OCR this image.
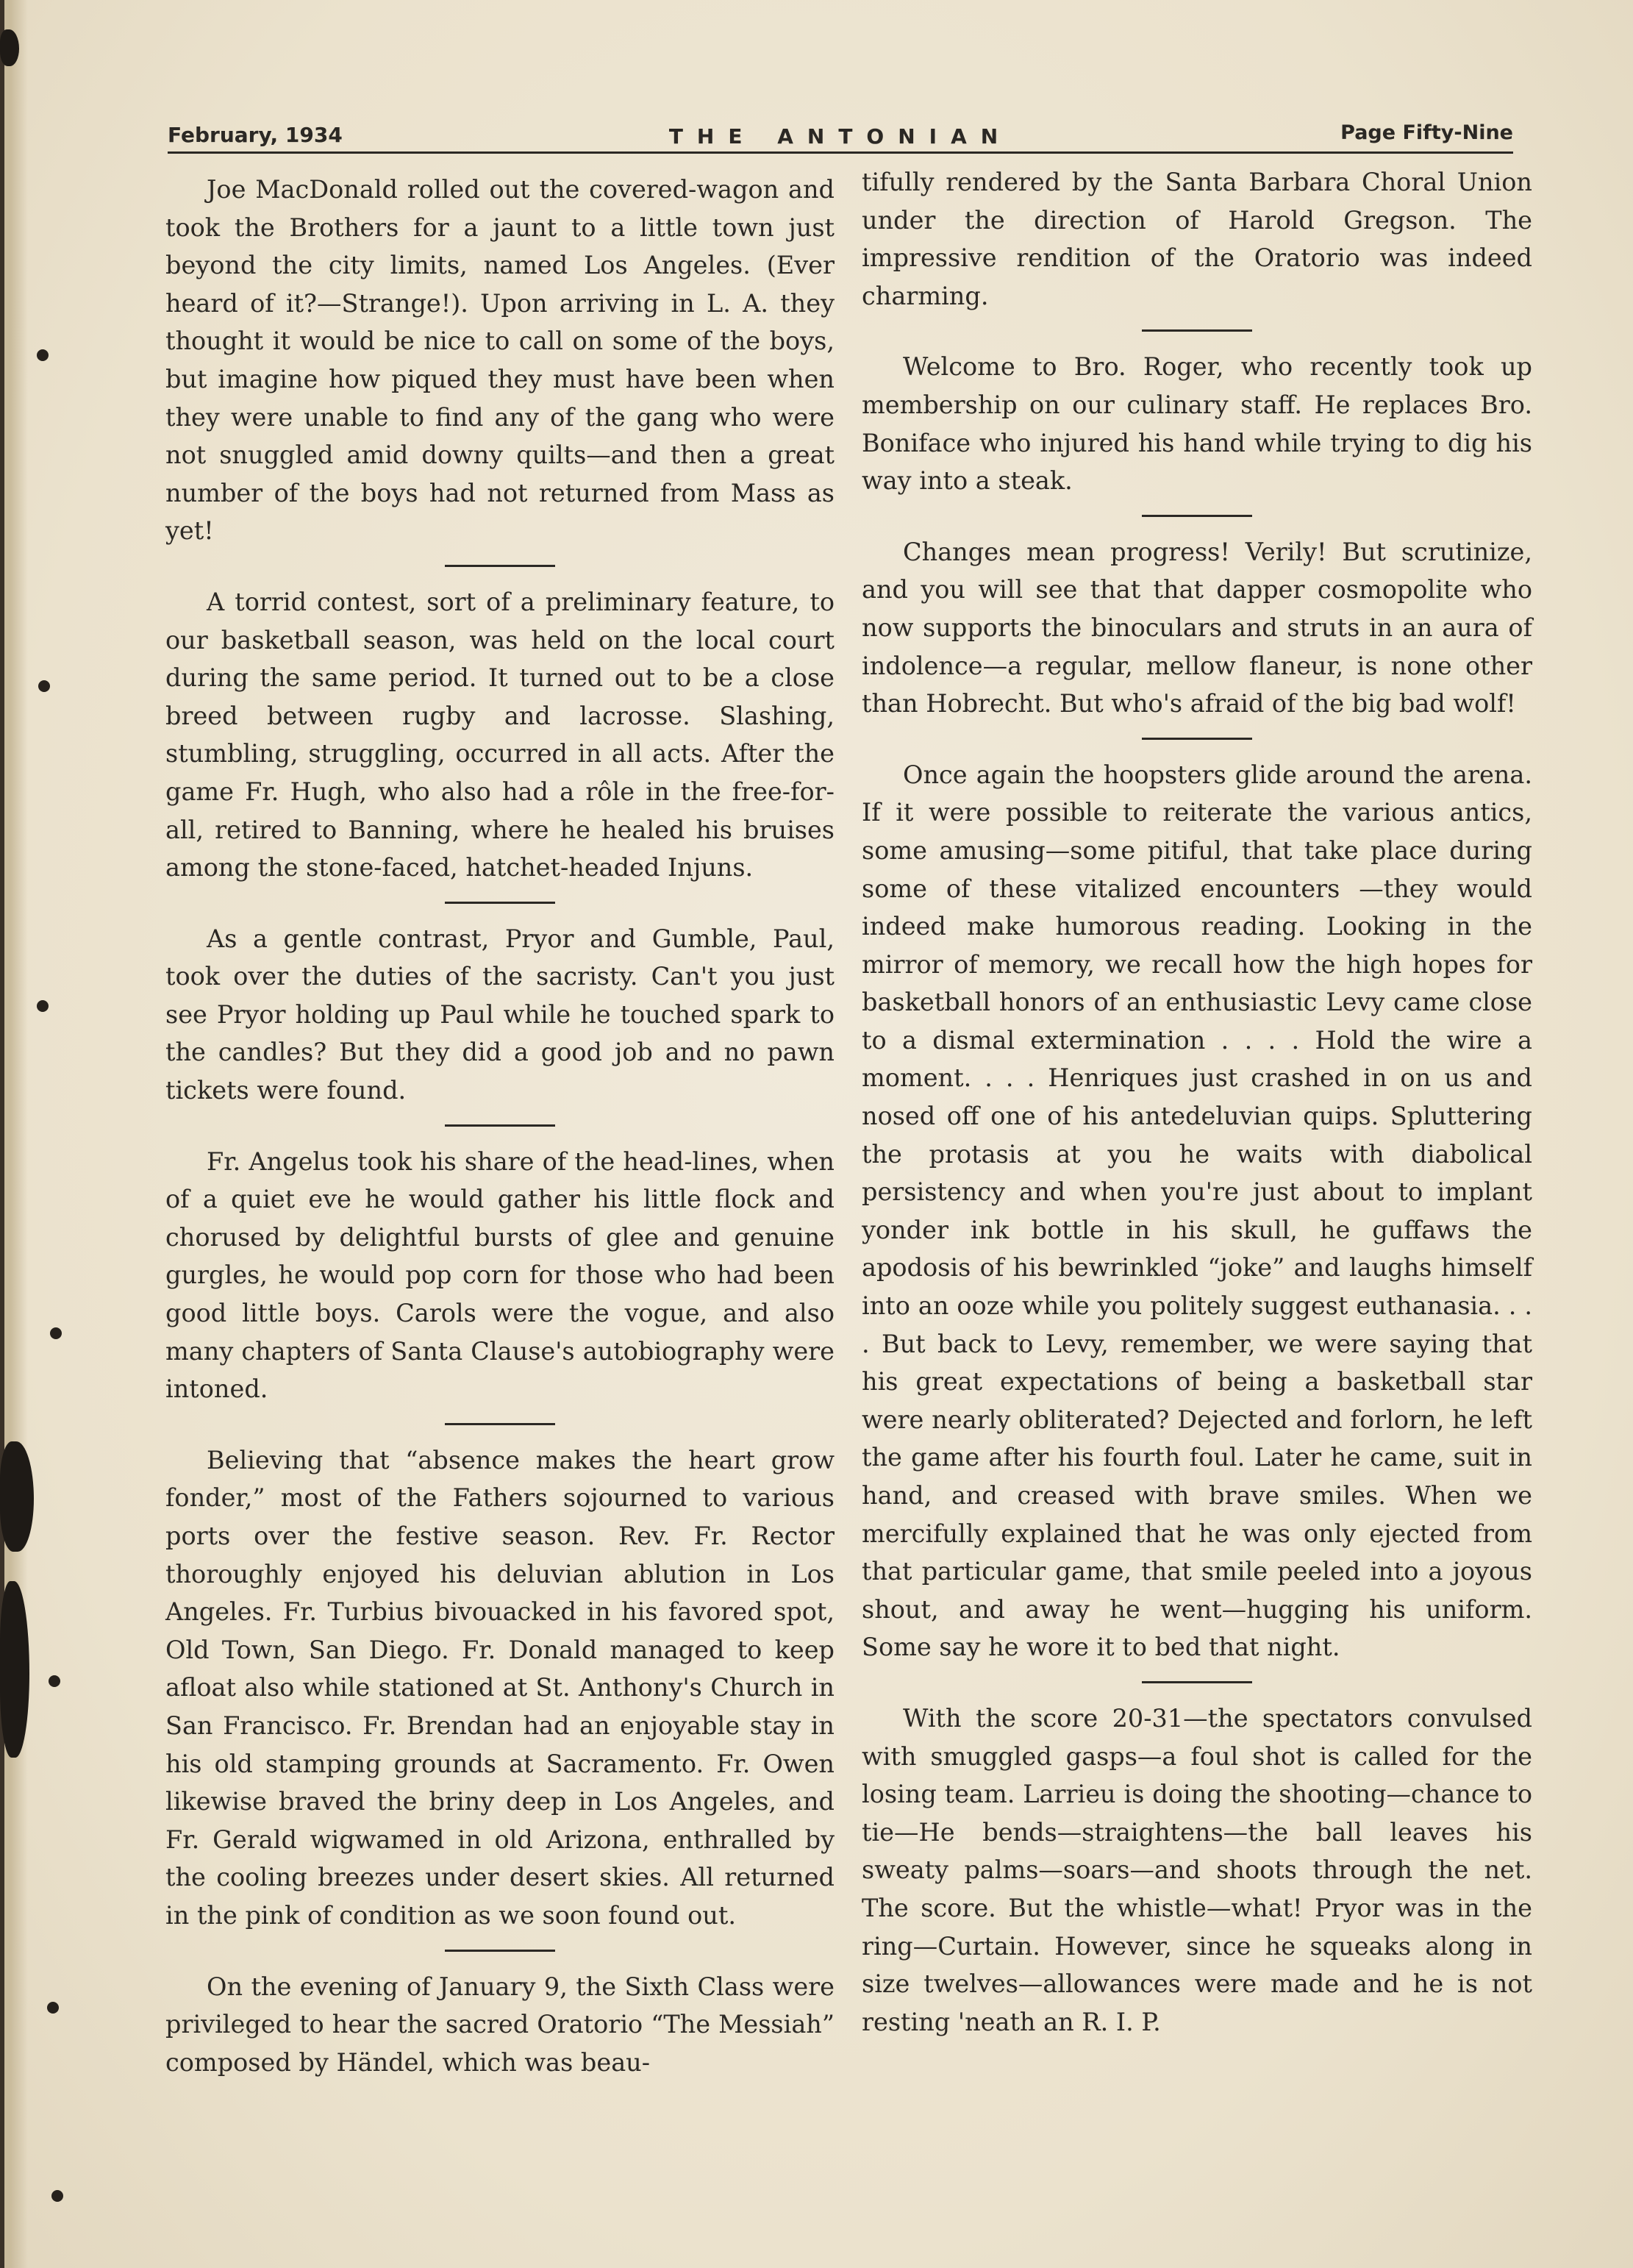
February, 1934	THE ANTONIAN	Page Fifty-Nine

Joe MacDonald rolled out the covered-wagon and took the Brothers for a jaunt to a little town just beyond the city limits, named Los Angeles. (Ever heard of it?—Strange!). Upon arriving in L. A. they thought it would be nice to call on some of the boys, but imagine how piqued they must have been when they were unable to find any of the gang who were not snuggled amid downy quilts—and then a great number of the boys had not returned from Mass as yet!

A torrid contest, sort of a preliminary feature, to our basketball season, was held on the local court during the same period. It turned out to be a close breed between rugby and lacrosse. Slashing, stumbling, struggling, occurred in all acts. After the game Fr. Hugh, who also had a rôle in the free-for-all, retired to Banning, where he healed his bruises among the stone-faced, hatchet-headed Injuns.

As a gentle contrast, Pryor and Gumble, Paul, took over the duties of the sacristy. Can't you just see Pryor holding up Paul while he touched spark to the candles? But they did a good job and no pawn tickets were found.

Fr. Angelus took his share of the head-lines, when of a quiet eve he would gather his little flock and chorused by delightful bursts of glee and genuine gurgles, he would pop corn for those who had been good little boys. Carols were the vogue, and also many chapters of Santa Clause's autobiography were intoned.

Believing that “absence makes the heart grow fonder,” most of the Fathers sojourned to various ports over the festive season. Rev. Fr. Rector thoroughly enjoyed his deluvian ablution in Los Angeles. Fr. Turbius bivouacked in his favored spot, Old Town, San Diego. Fr. Donald managed to keep afloat also while stationed at St. Anthony's Church in San Francisco. Fr. Brendan had an enjoyable stay in his old stamping grounds at Sacramento. Fr. Owen likewise braved the briny deep in Los Angeles, and Fr. Gerald wigwamed in old Arizona, enthralled by the cooling breezes under desert skies. All returned in the pink of condition as we soon found out.

On the evening of January 9, the Sixth Class were privileged to hear the sacred Oratorio “The Messiah” composed by Händel, which was beau-

tifully rendered by the Santa Barbara Choral Union under the direction of Harold Gregson. The impressive rendition of the Oratorio was indeed charming.

Welcome to Bro. Roger, who recently took up membership on our culinary staff. He replaces Bro. Boniface who injured his hand while trying to dig his way into a steak.

Changes mean progress! Verily! But scrutinize, and you will see that that dapper cosmopolite who now supports the binoculars and struts in an aura of indolence—a regular, mellow flaneur, is none other than Hobrecht. But who's afraid of the big bad wolf!

Once again the hoopsters glide around the arena. If it were possible to reiterate the various antics, some amusing—some pitiful, that take place during some of these vitalized encounters —they would indeed make humorous reading. Looking in the mirror of memory, we recall how the high hopes for basketball honors of an enthusiastic Levy came close to a dismal extermination . . . . Hold the wire a moment. . . . Henriques just crashed in on us and nosed off one of his antedeluvian quips. Spluttering the protasis at you he waits with diabolical persistency and when you're just about to implant yonder ink bottle in his skull, he guffaws the apodosis of his bewrinkled “joke” and laughs himself into an ooze while you politely suggest euthanasia. . . . But back to Levy, remember, we were saying that his great expectations of being a basketball star were nearly obliterated? Dejected and forlorn, he left the game after his fourth foul. Later he came, suit in hand, and creased with brave smiles. When we mercifully explained that he was only ejected from that particular game, that smile peeled into a joyous shout, and away he went—hugging his uniform. Some say he wore it to bed that night.

With the score 20-31—the spectators convulsed with smuggled gasps—a foul shot is called for the losing team. Larrieu is doing the shooting—chance to tie—He bends—straightens—the ball leaves his sweaty palms—soars—and shoots through the net. The score. But the whistle—what! Pryor was in the ring—Curtain. However, since he squeaks along in size twelves—allowances were made and he is not resting 'neath an R. I. P.
